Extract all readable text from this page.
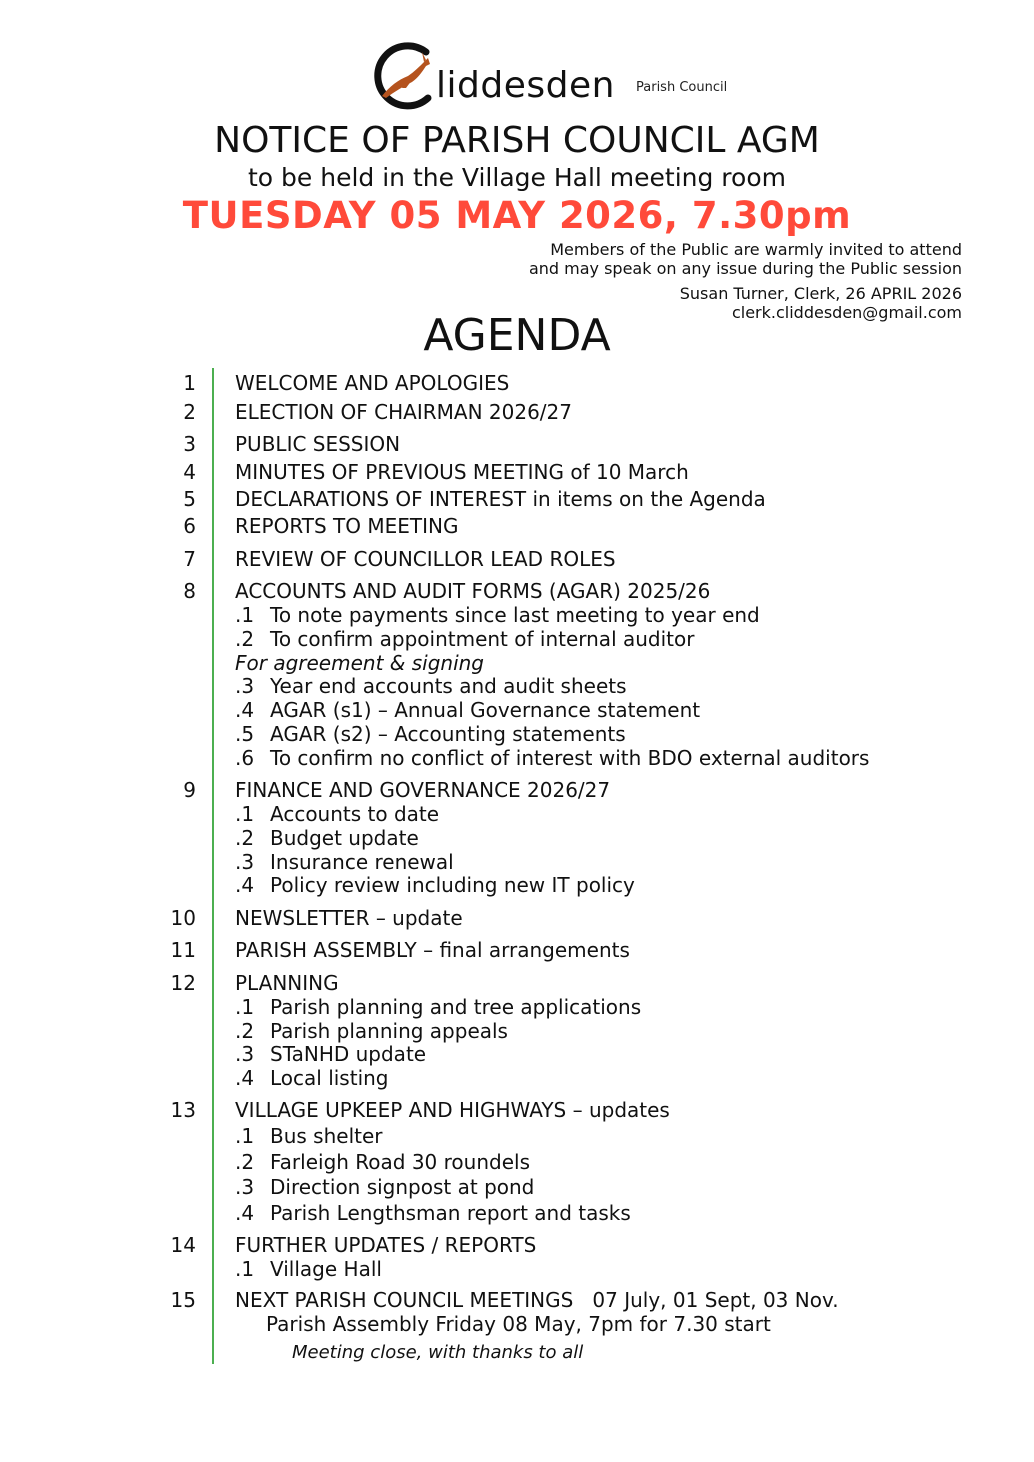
liddesden Parish Council
NOTICE OF PARISH COUNCIL AGM
to be held in the Village Hall meeting room
TUESDAY 05 MAY 2026, 7.30pm
Members of the Public are warmly invited to attend
and may speak on any issue during the Public session
Susan Turner, Clerk, 26 APRIL 2026
clerk.cliddesden@gmail.com
AGENDA
1 WELCOME AND APOLOGIES
2 ELECTION OF CHAIRMAN 2026/27
3 PUBLIC SESSION
4 MINUTES OF PREVIOUS MEETING of 10 March
5 DECLARATIONS OF INTEREST in items on the Agenda
6 REPORTS TO MEETING
7 REVIEW OF COUNCILLOR LEAD ROLES
8 ACCOUNTS AND AUDIT FORMS (AGAR) 2025/26
.1 To note payments since last meeting to year end
.2 To confirm appointment of internal auditor
For agreement & signing
.3 Year end accounts and audit sheets
.4 AGAR (s1) – Annual Governance statement
.5 AGAR (s2) – Accounting statements
.6 To confirm no conflict of interest with BDO external auditors
9 FINANCE AND GOVERNANCE 2026/27
.1 Accounts to date
.2 Budget update
.3 Insurance renewal
.4 Policy review including new IT policy
10 NEWSLETTER – update
11 PARISH ASSEMBLY – final arrangements
12 PLANNING
.1 Parish planning and tree applications
.2 Parish planning appeals
.3 STaNHD update
.4 Local listing
13 VILLAGE UPKEEP AND HIGHWAYS – updates
.1 Bus shelter
.2 Farleigh Road 30 roundels
.3 Direction signpost at pond
.4 Parish Lengthsman report and tasks
14 FURTHER UPDATES / REPORTS
.1 Village Hall
15 NEXT PARISH COUNCIL MEETINGS   07 July, 01 Sept, 03 Nov.
Parish Assembly Friday 08 May, 7pm for 7.30 start
Meeting close, with thanks to all
